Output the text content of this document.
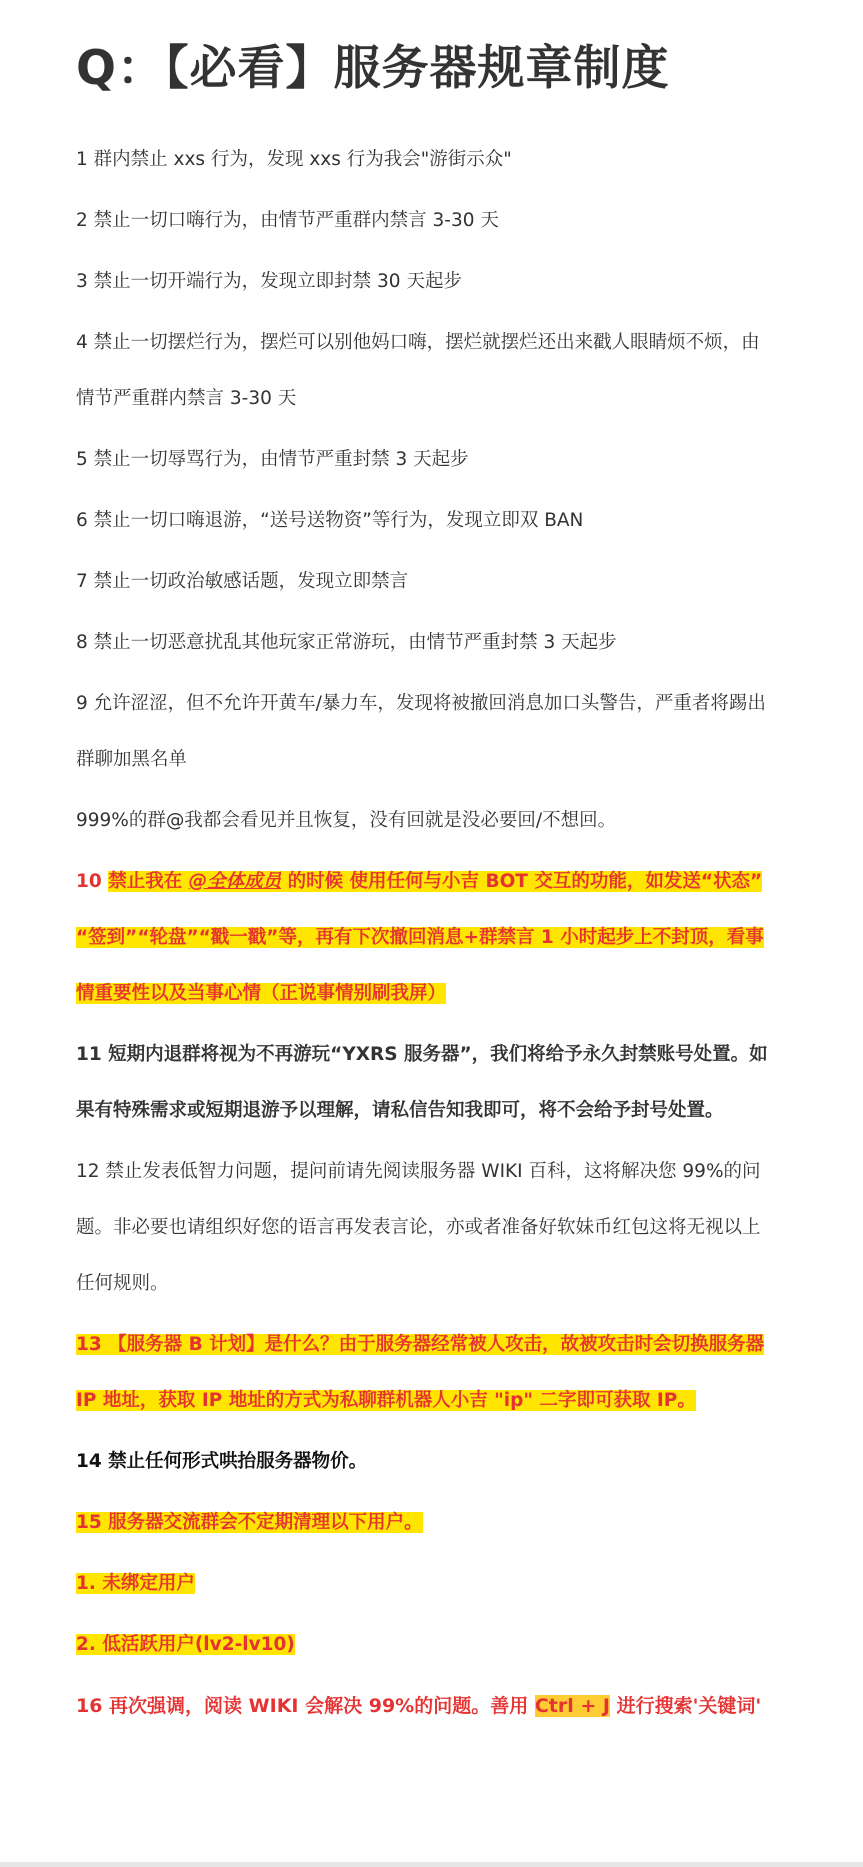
Q：【必看】服务器规章制度

1 群内禁止 xxs 行为，发现 xxs 行为我会"游街示众"

2 禁止一切口嗨行为，由情节严重群内禁言 3-30 天

3 禁止一切开端行为，发现立即封禁 30 天起步

4 禁止一切摆烂行为，摆烂可以别他妈口嗨，摆烂就摆烂还出来戳人眼睛烦不烦，由情节严重群内禁言 3-30 天

5 禁止一切辱骂行为，由情节严重封禁 3 天起步

6 禁止一切口嗨退游，“送号送物资”等行为，发现立即双 BAN

7 禁止一切政治敏感话题，发现立即禁言

8 禁止一切恶意扰乱其他玩家正常游玩，由情节严重封禁 3 天起步

9 允许涩涩，但不允许开黄车/暴力车，发现将被撤回消息加口头警告，严重者将踢出群聊加黑名单

999%的群@我都会看见并且恢复，没有回就是没必要回/不想回。

10 禁止我在 @全体成员 的时候 使用任何与小吉 BOT 交互的功能，如发送“状态” “签到”“轮盘”“戳一戳”等，再有下次撤回消息+群禁言 1 小时起步上不封顶，看事情重要性以及当事心情（正说事情别刷我屏）

11 短期内退群将视为不再游玩“YXRS 服务器”，我们将给予永久封禁账号处置。如果有特殊需求或短期退游予以理解，请私信告知我即可，将不会给予封号处置。

12 禁止发表低智力问题，提问前请先阅读服务器 WIKI 百科，这将解决您 99%的问题。非必要也请组织好您的语言再发表言论，亦或者准备好软妹币红包这将无视以上任何规则。

13 【服务器 B 计划】是什么？由于服务器经常被人攻击，故被攻击时会切换服务器 IP 地址，获取 IP 地址的方式为私聊群机器人小吉 "ip" 二字即可获取 IP。

14 禁止任何形式哄抬服务器物价。

15 服务器交流群会不定期清理以下用户。

1. 未绑定用户

2. 低活跃用户(lv2-lv10)

16 再次强调，阅读 WIKI 会解决 99%的问题。善用 Ctrl + J 进行搜索'关键词'
